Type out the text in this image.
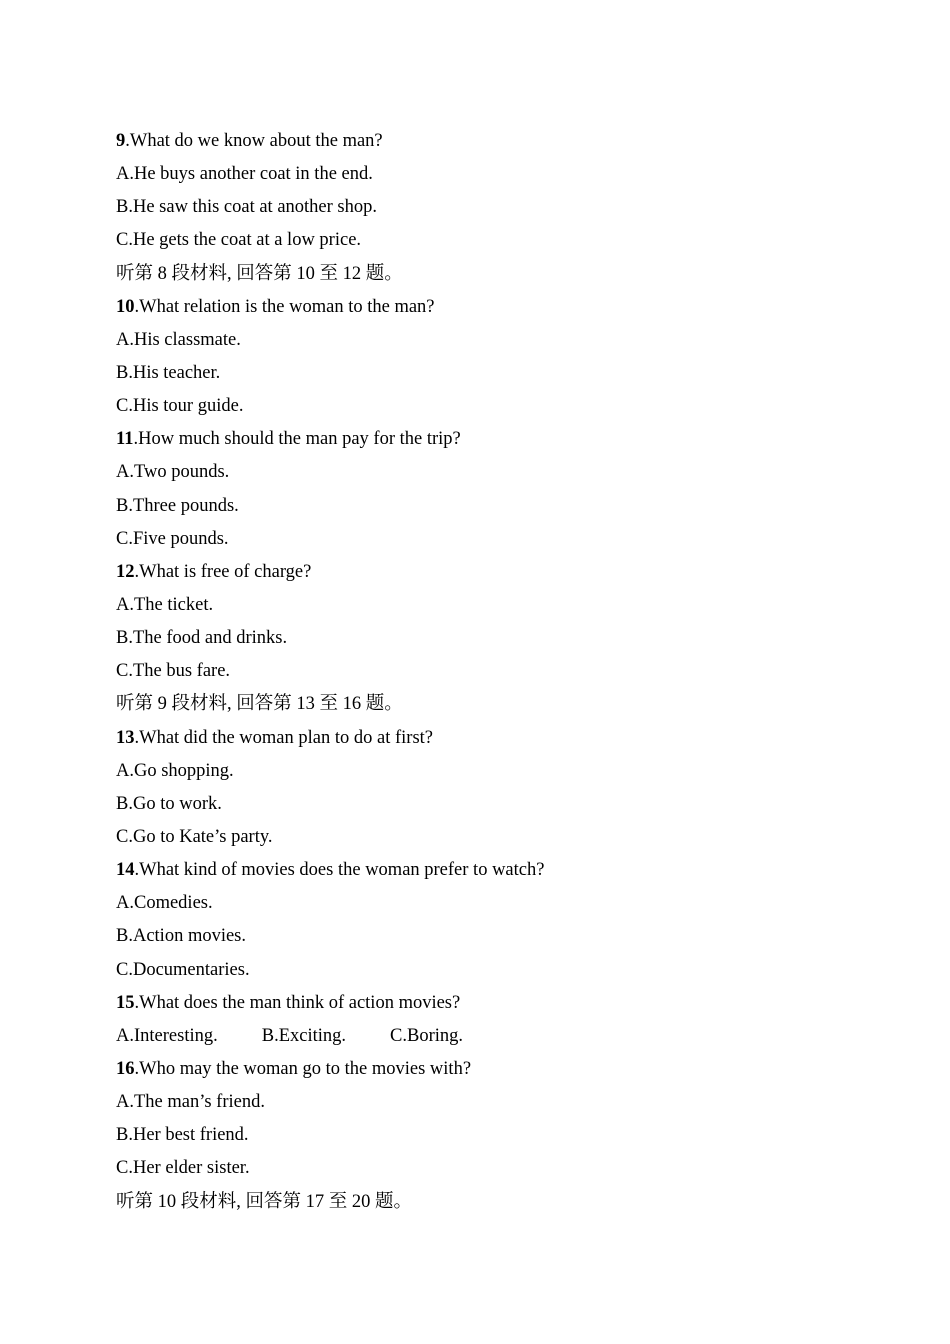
9.What do we know about the man?
A.He buys another coat in the end.
B.He saw this coat at another shop.
C.He gets the coat at a low price.
听第 8 段材料, 回答第 10 至 12 题。
10.What relation is the woman to the man?
A.His classmate.
B.His teacher.
C.His tour guide.
11.How much should the man pay for the trip?
A.Two pounds.
B.Three pounds.
C.Five pounds.
12.What is free of charge?
A.The ticket.
B.The food and drinks.
C.The bus fare.
听第 9 段材料, 回答第 13 至 16 题。
13.What did the woman plan to do at first?
A.Go shopping.
B.Go to work.
C.Go to Kate’s party.
14.What kind of movies does the woman prefer to watch?
A.Comedies.
B.Action movies.
C.Documentaries.
15.What does the man think of action movies?
A.Interesting. B.Exciting. C.Boring.
16.Who may the woman go to the movies with?
A.The man’s friend.
B.Her best friend.
C.Her elder sister.
听第 10 段材料, 回答第 17 至 20 题。
